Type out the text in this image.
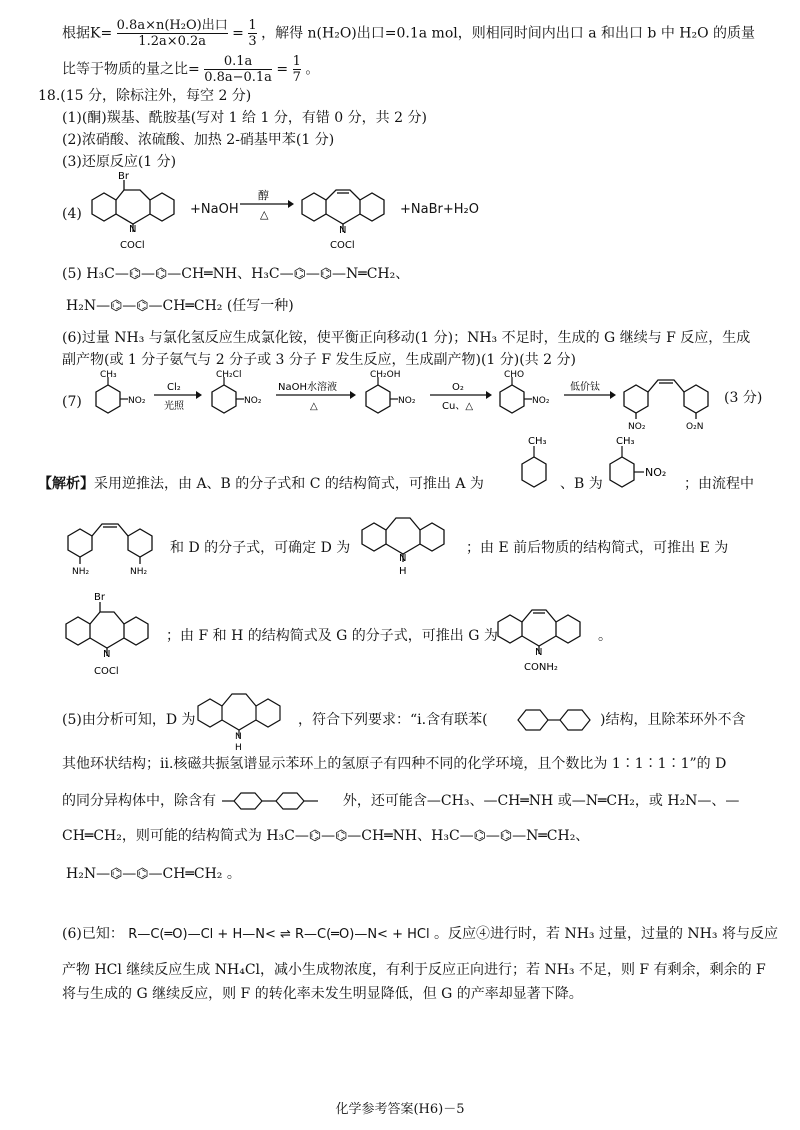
根据K= 0.8a×n(H₂O)出口
1.2a×0.2a	= $\frac{1}{3}$ ，解得 n(H₂O)出口=0.1a mol，则相同时间内出口 a 和出口 b 中 H₂O 的质量
比等于物质的量之比= $\frac{0.1a}{0.8a-0.1a} = \frac{1}{7}$ 。
18.(15 分，除标注外，每空 2 分)
(1)(酮)羰基、酰胺基(写对 1 给 1 分，有错 0 分，共 2 分)
(2)浓硝酸、浓硫酸、加热 2-硝基甲苯(1 分)
(3)还原反应(1 分)
(4)
Br
N
COCl
+NaOH
醇
△
N
COCl
+NaBr+H₂O
(5) H₃C—⌬—⌬—CH═NH、H₃C—⌬—⌬—N═CH₂、
H₂N—⌬—⌬—CH═CH₂ (任写一种)
(6)过量 NH₃ 与氯化氢反应生成氯化铵，使平衡正向移动(1 分)；NH₃ 不足时，生成的 G 继续与 F 反应，生成
副产物(或 1 分子氨气与 2 分子或 3 分子 F 发生反应，生成副产物)(1 分)(共 2 分)
(7)
CH₃
NO₂
Cl₂
光照
CH₂Cl
NO₂
NaOH水溶液
△
CH₂OH
NO₂
O₂
Cu、△
CHO
NO₂
低价钛
NO₂	O₂N
(3 分)
【解析】采用逆推法，由 A、B 的分子式和 C 的结构简式，可推出 A 为
CH₃
、B 为
CH₃
NO₂
；由流程中
NH₂	NH₂
和 D 的分子式，可确定 D 为
N
H
；由 E 前后物质的结构简式，可推出 E 为
Br
N
COCl
；由 F 和 H 的结构简式及 G 的分子式，可推出 G 为
N
CONH₂
。
(5)由分析可知，D 为
N
H
，符合下列要求：“ⅰ.含有联苯(	)结构，且除苯环外不含
其他环状结构；ⅱ.核磁共振氢谱显示苯环上的氢原子有四种不同的化学环境，且个数比为 1∶1∶1∶1”的 D
的同分异构体中，除含有	外，还可能含—CH₃、—CH═NH 或—N═CH₂，或 H₂N—、—
CH═CH₂，则可能的结构简式为 H₃C—⌬—⌬—CH═NH、H₃C—⌬—⌬—N═CH₂、
H₂N—⌬—⌬—CH═CH₂ 。
(6)已知： R—C(═O)—Cl + H—N< ⇌ R—C(═O)—N< + HCl 。反应④进行时，若 NH₃ 过量，过量的 NH₃ 将与反应
产物 HCl 继续反应生成 NH₄Cl，减小生成物浓度，有利于反应正向进行；若 NH₃ 不足，则 F 有剩余，剩余的 F
将与生成的 G 继续反应，则 F 的转化率未发生明显降低，但 G 的产率却显著下降。
化学参考答案(H6)－5
